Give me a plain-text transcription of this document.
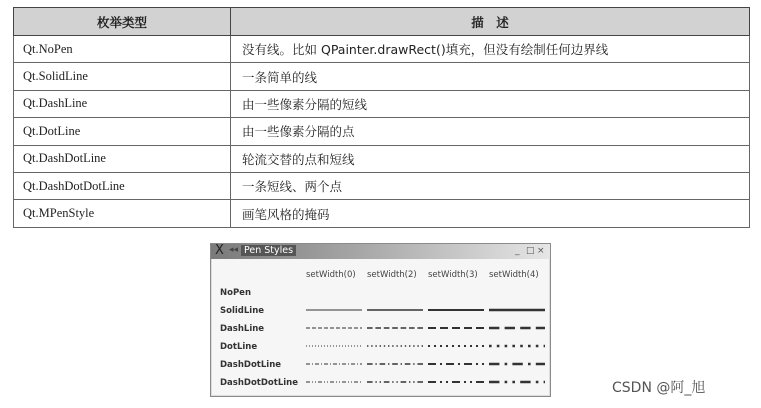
枚举类型	描　述
Qt.NoPen	没有线。比如 QPainter.drawRect()填充，但没有绘制任何边界线
Qt.SolidLine	一条简单的线
Qt.DashLine	由一些像素分隔的短线
Qt.DotLine	由一些像素分隔的点
Qt.DashDotLine	轮流交替的点和短线
Qt.DashDotDotLine	一条短线、两个点
Qt.MPenStyle	画笔风格的掩码
X ◂◂ Pen Styles	_ □ ×
setWidth(0) setWidth(2) setWidth(3) setWidth(4)
NoPen
SolidLine
DashLine
DotLine
DashDotLine
DashDotDotLine	CSDN @阿_旭
